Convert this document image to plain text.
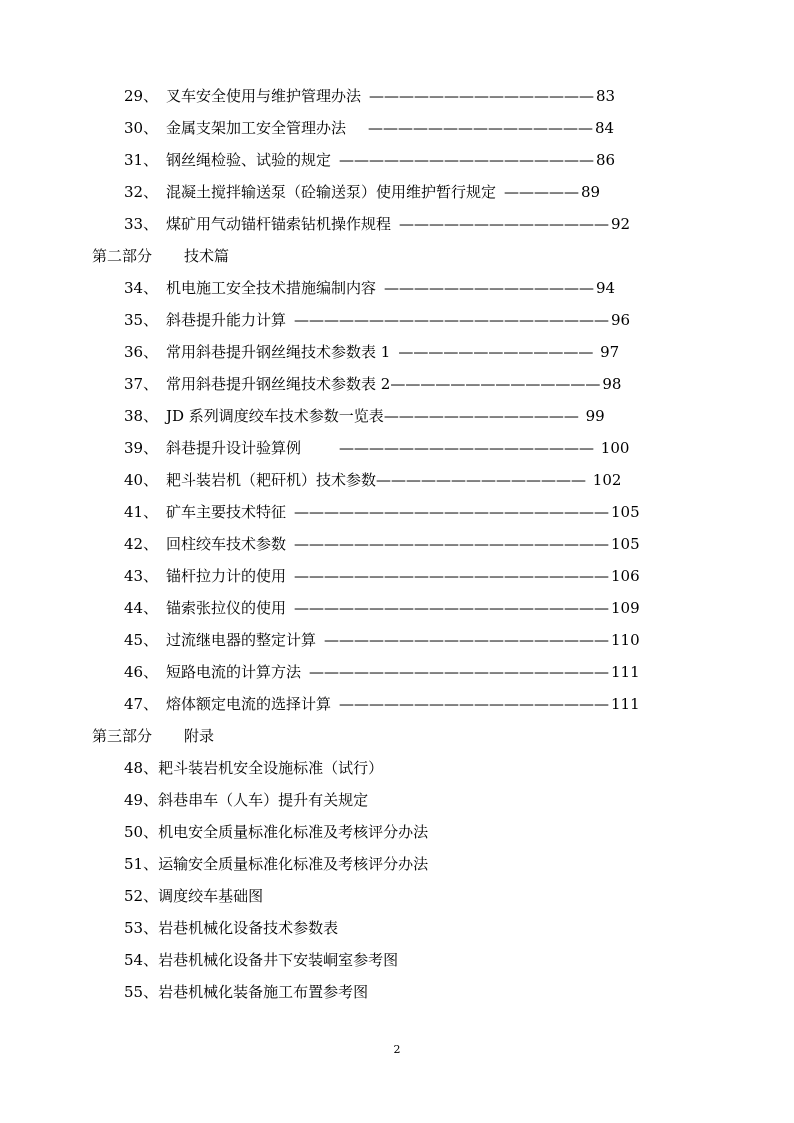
29、 叉车安全使用与维护管理办法 ——————————————— 83
30、 金属支架加工安全管理办法 ——————————————— 84
31、 钢丝绳检验、试验的规定 ————————————————— 86
32、 混凝土搅拌输送泵（砼输送泵）使用维护暂行规定 ————— 89
33、 煤矿用气动锚杆锚索钻机操作规程 —————————————— 92
第二部分 技术篇
34、 机电施工安全技术措施编制内容 —————————————— 94
35、 斜巷提升能力计算 ————————————————————— 96
36、 常用斜巷提升钢丝绳技术参数表 1 ————————————— 97
37、 常用斜巷提升钢丝绳技术参数表 2—————————————— 98
38、 JD 系列调度绞车技术参数一览表————————————— 99
39、 斜巷提升设计验算例	————————————————— 100
40、 耙斗装岩机（耙矸机）技术参数—————————————— 102
41、 矿车主要技术特征 ————————————————————— 105
42、 回柱绞车技术参数 ————————————————————— 105
43、 锚杆拉力计的使用 ————————————————————— 106
44、 锚索张拉仪的使用 ————————————————————— 109
45、 过流继电器的整定计算 ——————————————————— 110
46、 短路电流的计算方法 ———————————————————— 111
47、 熔体额定电流的选择计算 —————————————————— 111
第三部分 附录
48、耙斗装岩机安全设施标准（试行）
49、斜巷串车（人车）提升有关规定
50、机电安全质量标准化标准及考核评分办法
51、运输安全质量标准化标准及考核评分办法
52、调度绞车基础图
53、岩巷机械化设备技术参数表
54、岩巷机械化设备井下安装峒室参考图
55、岩巷机械化装备施工布置参考图
2
